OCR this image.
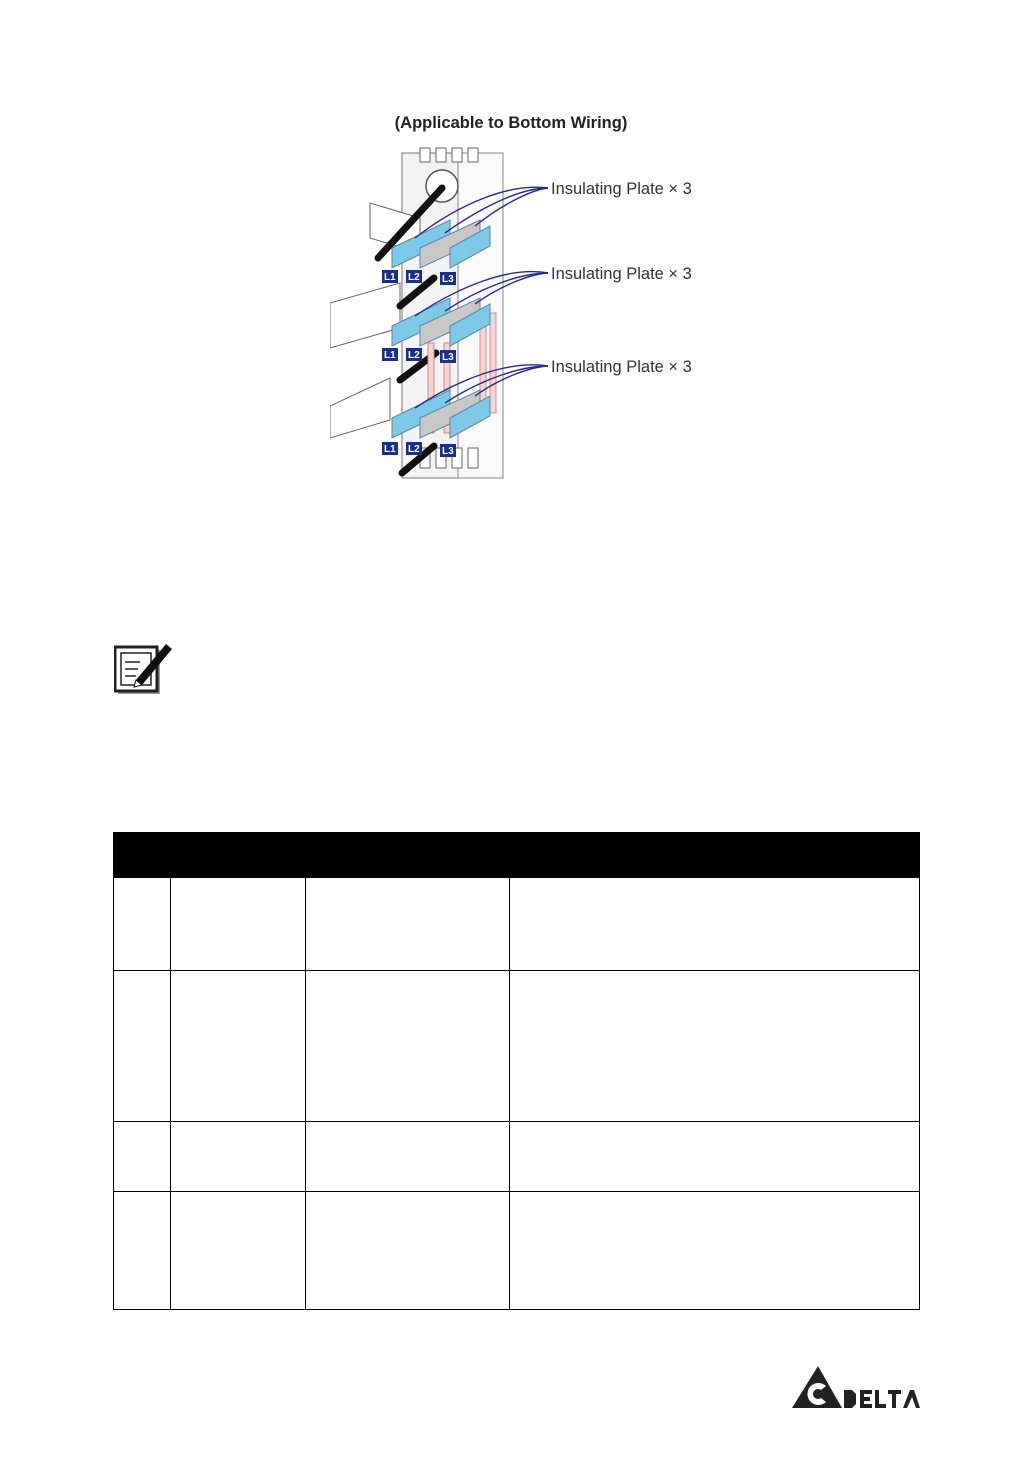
L1 L2 L3
L1 L2 L3
L1 L2 L3
(Applicable to Bottom Wiring)
Insulating Plate × 3
Insulating Plate × 3
Insulating Plate × 3
